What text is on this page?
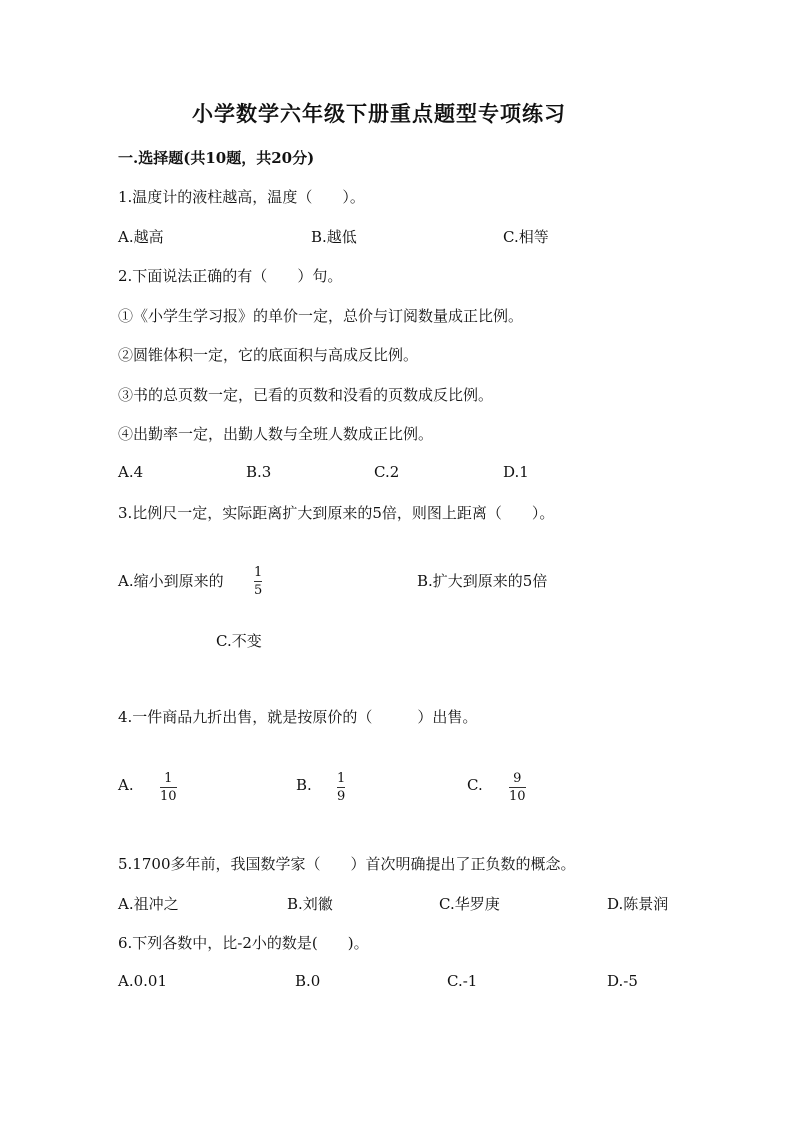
小学数学六年级下册重点题型专项练习
一.选择题(共10题，共20分)
1.温度计的液柱越高，温度（　　）。
A.越高	B.越低	C.相等
2.下面说法正确的有（　　）句。
①《小学生学习报》的单价一定，总价与订阅数量成正比例。
②圆锥体积一定，它的底面积与高成反比例。
③书的总页数一定，已看的页数和没看的页数成反比例。
④出勤率一定，出勤人数与全班人数成正比例。
A.4	B.3	C.2	D.1
3.比例尺一定，实际距离扩大到原来的5倍，则图上距离（　　）。
A.缩小到原来的 1
5
B.扩大到原来的5倍
C.不变
4.一件商品九折出售，就是按原价的（　　　）出售。
A. 1
10
B. 1
9
C. 9
10
5.1700多年前，我国数学家（　　）首次明确提出了正负数的概念。
A.祖冲之	B.刘徽	C.华罗庚	D.陈景润
6.下列各数中，比-2小的数是(　　)。
A.0.01	B.0	C.-1	D.-5
